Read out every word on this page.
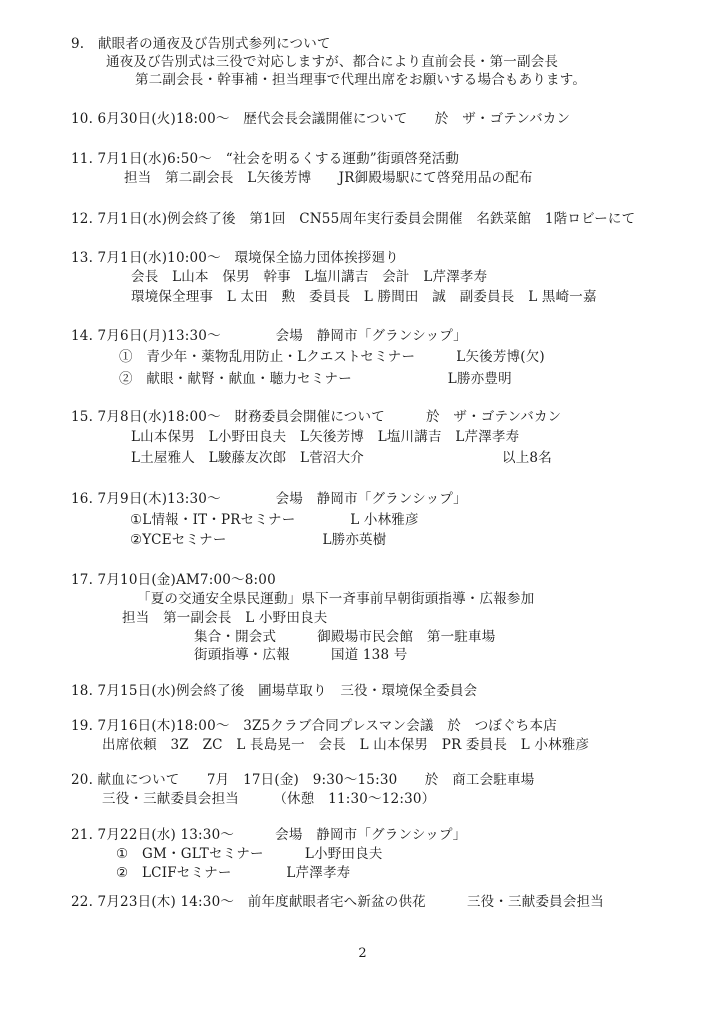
9.　献眼者の通夜及び告別式参列について
通夜及び告別式は三役で対応しますが、都合により直前会長・第一副会長
第二副会長・幹事補・担当理事で代理出席をお願いする場合もあります。
10. 6月30日(火)18:00～　歴代会長会議開催について　　於　ザ・ゴテンバカン
11. 7月1日(水)6:50～　“社会を明るくする運動”街頭啓発活動
担当　第二副会長　L矢後芳博　　JR御殿場駅にて啓発用品の配布
12. 7月1日(水)例会終了後　第1回　CN55周年実行委員会開催　名鉄菜館　1階ロビーにて
13. 7月1日(水)10:00～　環境保全協力団体挨拶廻り
会長　L山本　保男　幹事　L塩川講吉　会計　L芹澤孝寿
環境保全理事　L 太田　勲　委員長　L 勝間田　誠　副委員長　L 黒崎一嘉
14. 7月6日(月)13:30～　　　　会場　静岡市「グランシップ」
①　青少年・薬物乱用防止・Lクエストセミナー　　　L矢後芳博(欠)
②　献眼・献腎・献血・聴力セミナー　　　　　　　L勝亦豊明
15. 7月8日(水)18:00～　財務委員会開催について　　　於　ザ・ゴテンバカン
L山本保男　L小野田良夫　L矢後芳博　L塩川講吉　L芹澤孝寿
L土屋雅人　L駿藤友次郎　L菅沼大介	以上8名
16. 7月9日(木)13:30～　　　　会場　静岡市「グランシップ」
①L情報・IT・PRセミナー　　　　L 小林雅彦
②YCEセミナー　　　　　　　L勝亦英樹
17. 7月10日(金)AM7:00～8:00
「夏の交通安全県民運動」県下一斉事前早朝街頭指導・広報参加
担当　第一副会長　L 小野田良夫
集合・開会式　　　御殿場市民会館　第一駐車場
街頭指導・広報　　　国道 138 号
18. 7月15日(水)例会終了後　圃場草取り　三役・環境保全委員会
19. 7月16日(木)18:00～　3Z5クラブ合同プレスマン会議　於　つぼぐち本店
出席依頼　3Z　ZC　L 長島晃一　会長　L 山本保男　PR 委員長　L 小林雅彦
20. 献血について　　7月　17日(金)　9:30～15:30　　於　商工会駐車場
三役・三献委員会担当　　　（休憩　11:30～12:30）
21. 7月22日(水) 13:30～　　　会場　静岡市「グランシップ」
①　GM・GLTセミナー　　　L小野田良夫
②　LCIFセミナー　　　　L芹澤孝寿
22. 7月23日(木) 14:30～　前年度献眼者宅へ新盆の供花　　　三役・三献委員会担当
2
